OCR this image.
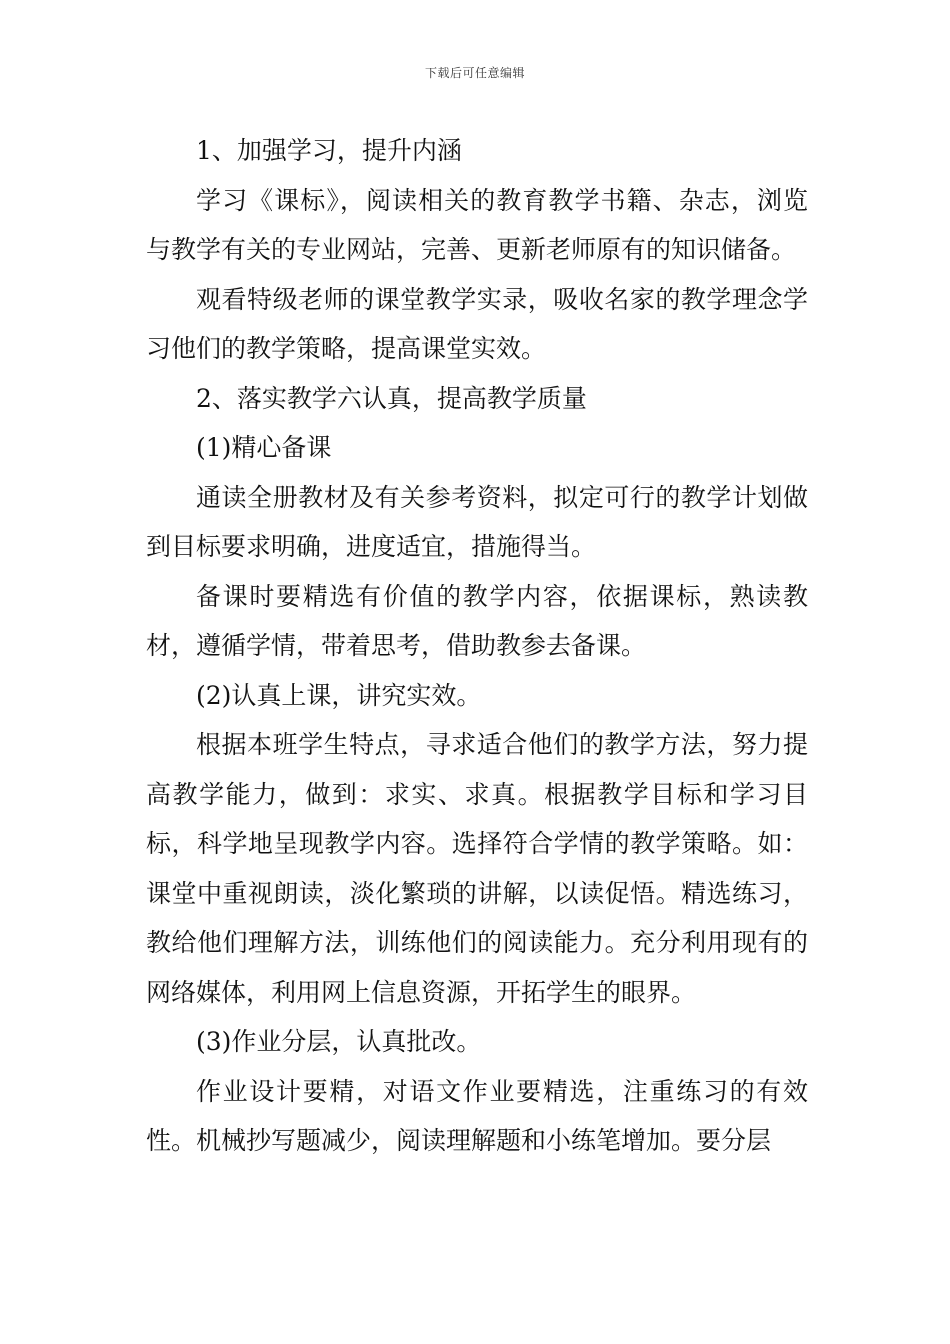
下载后可任意编辑

1、加强学习，提升内涵

学习《课标》，阅读相关的教育教学书籍、杂志，浏览与教学有关的专业网站，完善、更新老师原有的知识储备。

观看特级老师的课堂教学实录，吸收名家的教学理念学习他们的教学策略，提高课堂实效。

2、落实教学六认真，提高教学质量

(1)精心备课

通读全册教材及有关参考资料，拟定可行的教学计划做到目标要求明确，进度适宜，措施得当。

备课时要精选有价值的教学内容，依据课标，熟读教材，遵循学情，带着思考，借助教参去备课。

(2)认真上课，讲究实效。

根据本班学生特点，寻求适合他们的教学方法，努力提高教学能力，做到：求实、求真。根据教学目标和学习目标，科学地呈现教学内容。选择符合学情的教学策略。如：课堂中重视朗读，淡化繁琐的讲解，以读促悟。精选练习，教给他们理解方法，训练他们的阅读能力。充分利用现有的网络媒体，利用网上信息资源，开拓学生的眼界。

(3)作业分层，认真批改。

作业设计要精，对语文作业要精选，注重练习的有效性。机械抄写题减少，阅读理解题和小练笔增加。要分层
